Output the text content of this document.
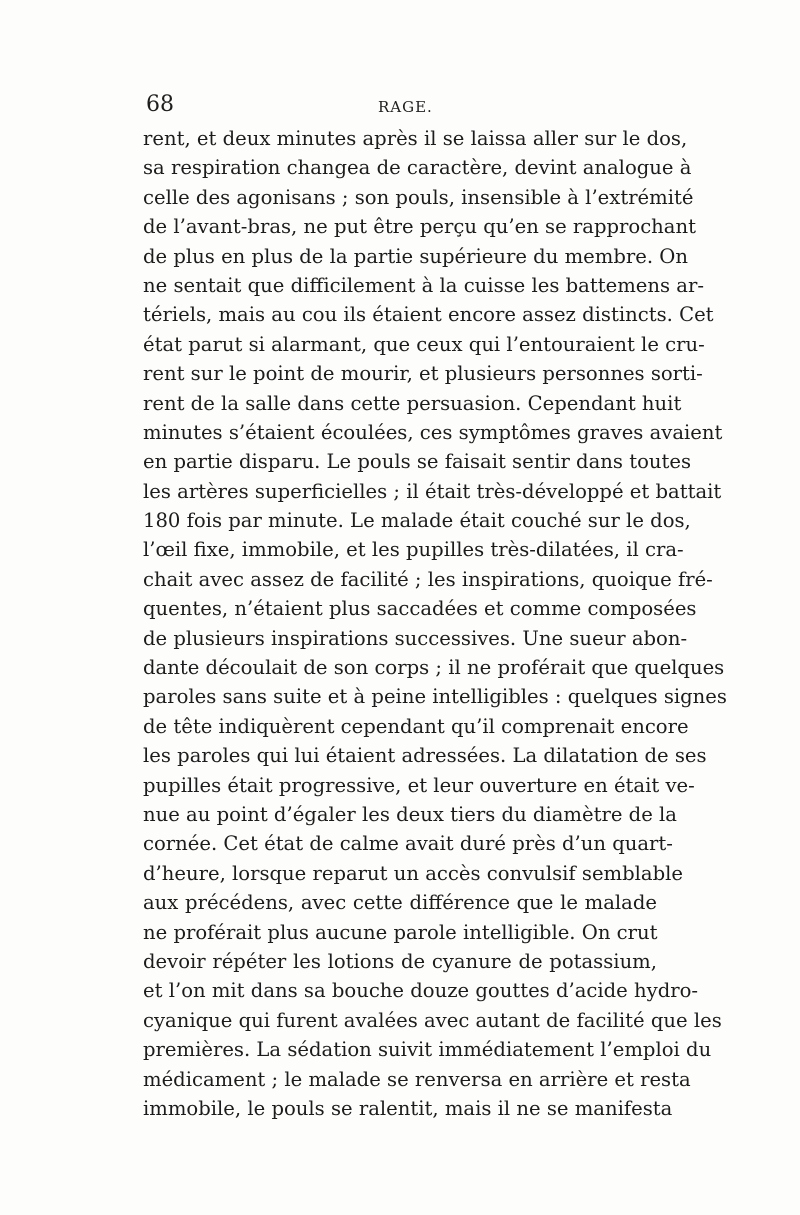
68	RAGE.
rent, et deux minutes après il se laissa aller sur le dos,
sa respiration changea de caractère, devint analogue à
celle des agonisans ; son pouls, insensible à l’extrémité
de l’avant-bras, ne put être perçu qu’en se rapprochant
de plus en plus de la partie supérieure du membre. On
ne sentait que difficilement à la cuisse les battemens ar-
tériels, mais au cou ils étaient encore assez distincts. Cet
état parut si alarmant, que ceux qui l’entouraient le cru-
rent sur le point de mourir, et plusieurs personnes sorti-
rent de la salle dans cette persuasion. Cependant huit
minutes s’étaient écoulées, ces symptômes graves avaient
en partie disparu. Le pouls se faisait sentir dans toutes
les artères superficielles ; il était très-développé et battait
180 fois par minute. Le malade était couché sur le dos,
l’œil fixe, immobile, et les pupilles très-dilatées, il cra-
chait avec assez de facilité ; les inspirations, quoique fré-
quentes, n’étaient plus saccadées et comme composées
de plusieurs inspirations successives. Une sueur abon-
dante découlait de son corps ; il ne proférait que quelques
paroles sans suite et à peine intelligibles : quelques signes
de tête indiquèrent cependant qu’il comprenait encore
les paroles qui lui étaient adressées. La dilatation de ses
pupilles était progressive, et leur ouverture en était ve-
nue au point d’égaler les deux tiers du diamètre de la
cornée. Cet état de calme avait duré près d’un quart-
d’heure, lorsque reparut un accès convulsif semblable
aux précédens, avec cette différence que le malade
ne proférait plus aucune parole intelligible. On crut
devoir répéter les lotions de cyanure de potassium,
et l’on mit dans sa bouche douze gouttes d’acide hydro-
cyanique qui furent avalées avec autant de facilité que les
premières. La sédation suivit immédiatement l’emploi du
médicament ; le malade se renversa en arrière et resta
immobile, le pouls se ralentit, mais il ne se manifesta
